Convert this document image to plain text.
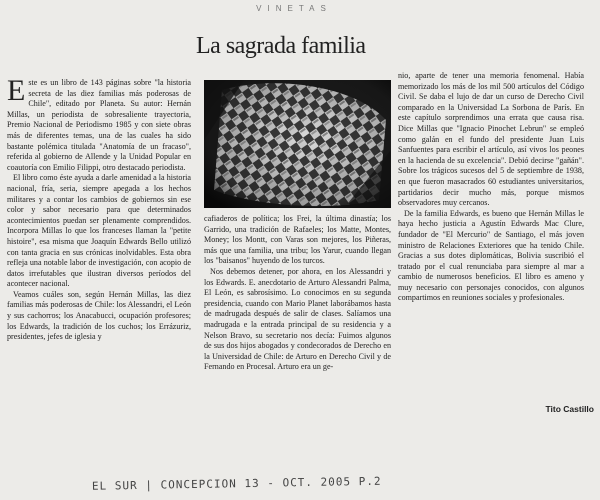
VINETAS
La sagrada familia

Este es un libro de 143 páginas sobre "la historia secreta de las diez familias más poderosas de Chile", editado por Planeta. Su autor: Hernán Millas, un periodista de sobresaliente trayectoria, Premio Nacional de Periodismo 1985 y con siete obras más de diferentes temas, una de las cuales ha sido bastante polémica titulada "Anatomía de un fracaso", referida al gobierno de Allende y la Unidad Popular en coautoría con Emilio Filippi, otro destacado periodista.

El libro como éste ayuda a darle amenidad a la historia nacional, fría, seria, siempre apegada a los hechos militares y a contar los cambios de gobiernos sin ese color y sabor necesario para que determinados acontecimientos puedan ser plenamente comprendidos. Incorpora Millas lo que los franceses llaman la "petite histoire", esa misma que Joaquín Edwards Bello utilizó con tanta gracia en sus crónicas inolvidables. Esta obra refleja una notable labor de investigación, con acopio de datos irrefutables que ilustran diversos períodos del acontecer nacional.

Veamos cuáles son, según Hernán Millas, las diez familias más poderosas de Chile: los Alessandri, el León y sus cachorros; los Anacabucci, ocupación profesores; los Edwards, la tradición de los cuchos; los Errázuriz, presidentes, jefes de iglesia y

cafiaderos de política; los Frei, la última dinastía; los Garrido, una tradición de Rafaeles; los Matte, Montes, Money; los Montt, con Varas son mejores, los Piñeras, más que una familia, una tribu; los Yarur, cuando llegan los "baisanos" huyendo de los turcos.

Nos debemos detener, por ahora, en los Alessandri y los Edwards. E. anecdotario de Arturo Alessandri Palma, El León, es sabrosísimo. Lo conocimos en su segunda presidencia, cuando con Mario Planet laborábamos hasta de madrugada después de salir de clases. Salíamos una madrugada e la entrada principal de su residencia y a Nelson Bravo, su secretario nos decía: Fuimos algunos de sus dos hijos abogados y condecorados de Derecho en la Universidad de Chile: de Arturo en Derecho Civil y de Fernando en Procesal. Arturo era un ge-

nio, aparte de tener una memoria fenomenal. Había memorizado los más de los mil 500 artículos del Código Civil. Se daba el lujo de dar un curso de Derecho Civil comparado en la Universidad La Sorbona de París. En este capítulo sorprendimos una errata que causa risa. Dice Millas que "Ignacio Pinochet Lebrun" se empleó como galán en el fundo del presidente Juan Luis Sanfuentes para escribir el artículo, así vivos los peones en la hacienda de su excelencia". Debió decirse "gañán". Sobre los trágicos sucesos del 5 de septiembre de 1938, en que fueron masacrados 60 estudiantes universitarios, partidarios decir mucho más, porque mismos observadores muy cercanos.

De la familia Edwards, es bueno que Hernán Millas le haya hecho justicia a Agustín Edwards Mac Clure, fundador de "El Mercurio" de Santiago, el más joven ministro de Relaciones Exteriores que ha tenido Chile. Gracias a sus dotes diplomáticas, Bolivia suscribió el tratado por el cual renunciaba para siempre al mar a cambio de numerosos beneficios. El libro es ameno y muy necesario con personajes conocidos, con algunos compartimos en reuniones sociales y profesionales.

Tito Castillo
EL SUR | CONCEPCION 13 - OCT. 2005 P.2
